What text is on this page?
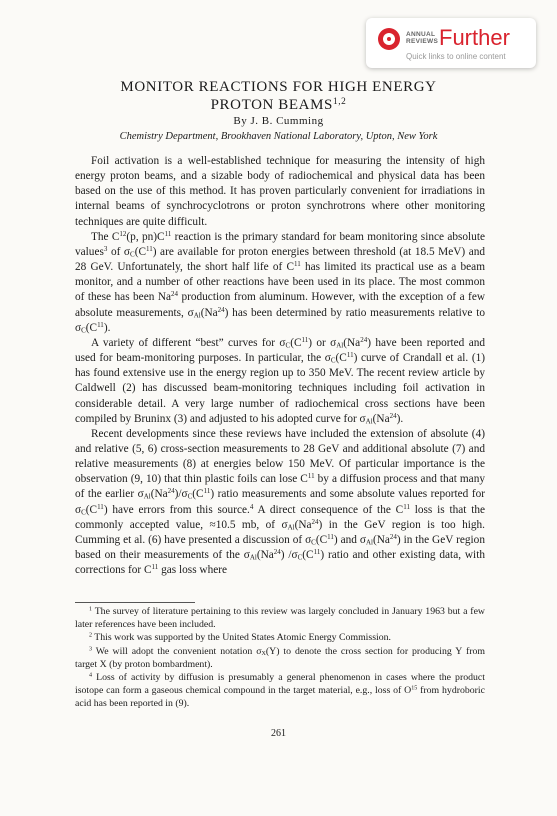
ANNUAL REVIEWS Further
Quick links to online content
MONITOR REACTIONS FOR HIGH ENERGY
PROTON BEAMS$^{1,2}$
By J. B. Cumming
Chemistry Department, Brookhaven National Laboratory, Upton, New York

Foil activation is a well-established technique for measuring the intensity of high energy proton beams, and a sizable body of radiochemical and physical data has been based on the use of this method. It has proven particularly convenient for irradiations in internal beams of synchrocyclotrons or proton synchrotrons where other monitoring techniques are quite difficult.

The $C^{12}(p$, $pn)C^{11}$ reaction is the primary standard for beam monitoring since absolute values$^3$ of $\sigma_C(C^{11})$ are available for proton energies between threshold (at 18.5 MeV) and 28 GeV. Unfortunately, the short half life of $C^{11}$ has limited its practical use as a beam monitor, and a number of other reactions have been used in its place. The most common of these has been Na$^{24}$ production from aluminum. However, with the exception of a few absolute measurements, $\sigma_{Al}(Na^{24})$ has been determined by ratio measurements relative to $\sigma_C(C^{11})$.

A variety of different “best” curves for $\sigma_C(C^{11})$ or $\sigma_{Al}(Na^{24})$ have been reported and used for beam-monitoring purposes. In particular, the $\sigma_C(C^{11})$ curve of Crandall et al. (1) has found extensive use in the energy region up to 350 MeV. The recent review article by Caldwell (2) has discussed beam-monitoring techniques including foil activation in considerable detail. A very large number of radiochemical cross sections have been compiled by Bruninx (3) and adjusted to his adopted curve for $\sigma_{Al}(Na^{24})$.

Recent developments since these reviews have included the extension of absolute (4) and relative (5, 6) cross-section measurements to 28 GeV and additional absolute (7) and relative measurements (8) at energies below 150 MeV. Of particular importance is the observation (9, 10) that thin plastic foils can lose $C^{11}$ by a diffusion process and that many of the earlier $\sigma_{Al}(Na^{24})/\sigma_C(C^{11})$ ratio measurements and some absolute values reported for $\sigma_C(C^{11})$ have errors from this source.$^4$ A direct consequence of the $C^{11}$ loss is that the commonly accepted value, ≈10.5 mb, of $\sigma_{Al}(Na^{24})$ in the GeV region is too high. Cumming et al. (6) have presented a discussion of $\sigma_C(C^{11})$ and $\sigma_{Al}(Na^{24})$ in the GeV region based on their measurements of the $\sigma_{Al}(Na^{24})$ $/\sigma_C(C^{11})$ ratio and other existing data, with corrections for $C^{11}$ gas loss where

$^1$ The survey of literature pertaining to this review was largely concluded in January 1963 but a few later references have been included.

$^2$ This work was supported by the United States Atomic Energy Commission.

$^3$ We will adopt the convenient notation $\sigma_X(Y)$ to denote the cross section for producing Y from target X (by proton bombardment).

$^4$ Loss of activity by diffusion is presumably a general phenomenon in cases where the product isotope can form a gaseous chemical compound in the target material, e.g., loss of $O^{15}$ from hydroboric acid has been reported in (9).

261
